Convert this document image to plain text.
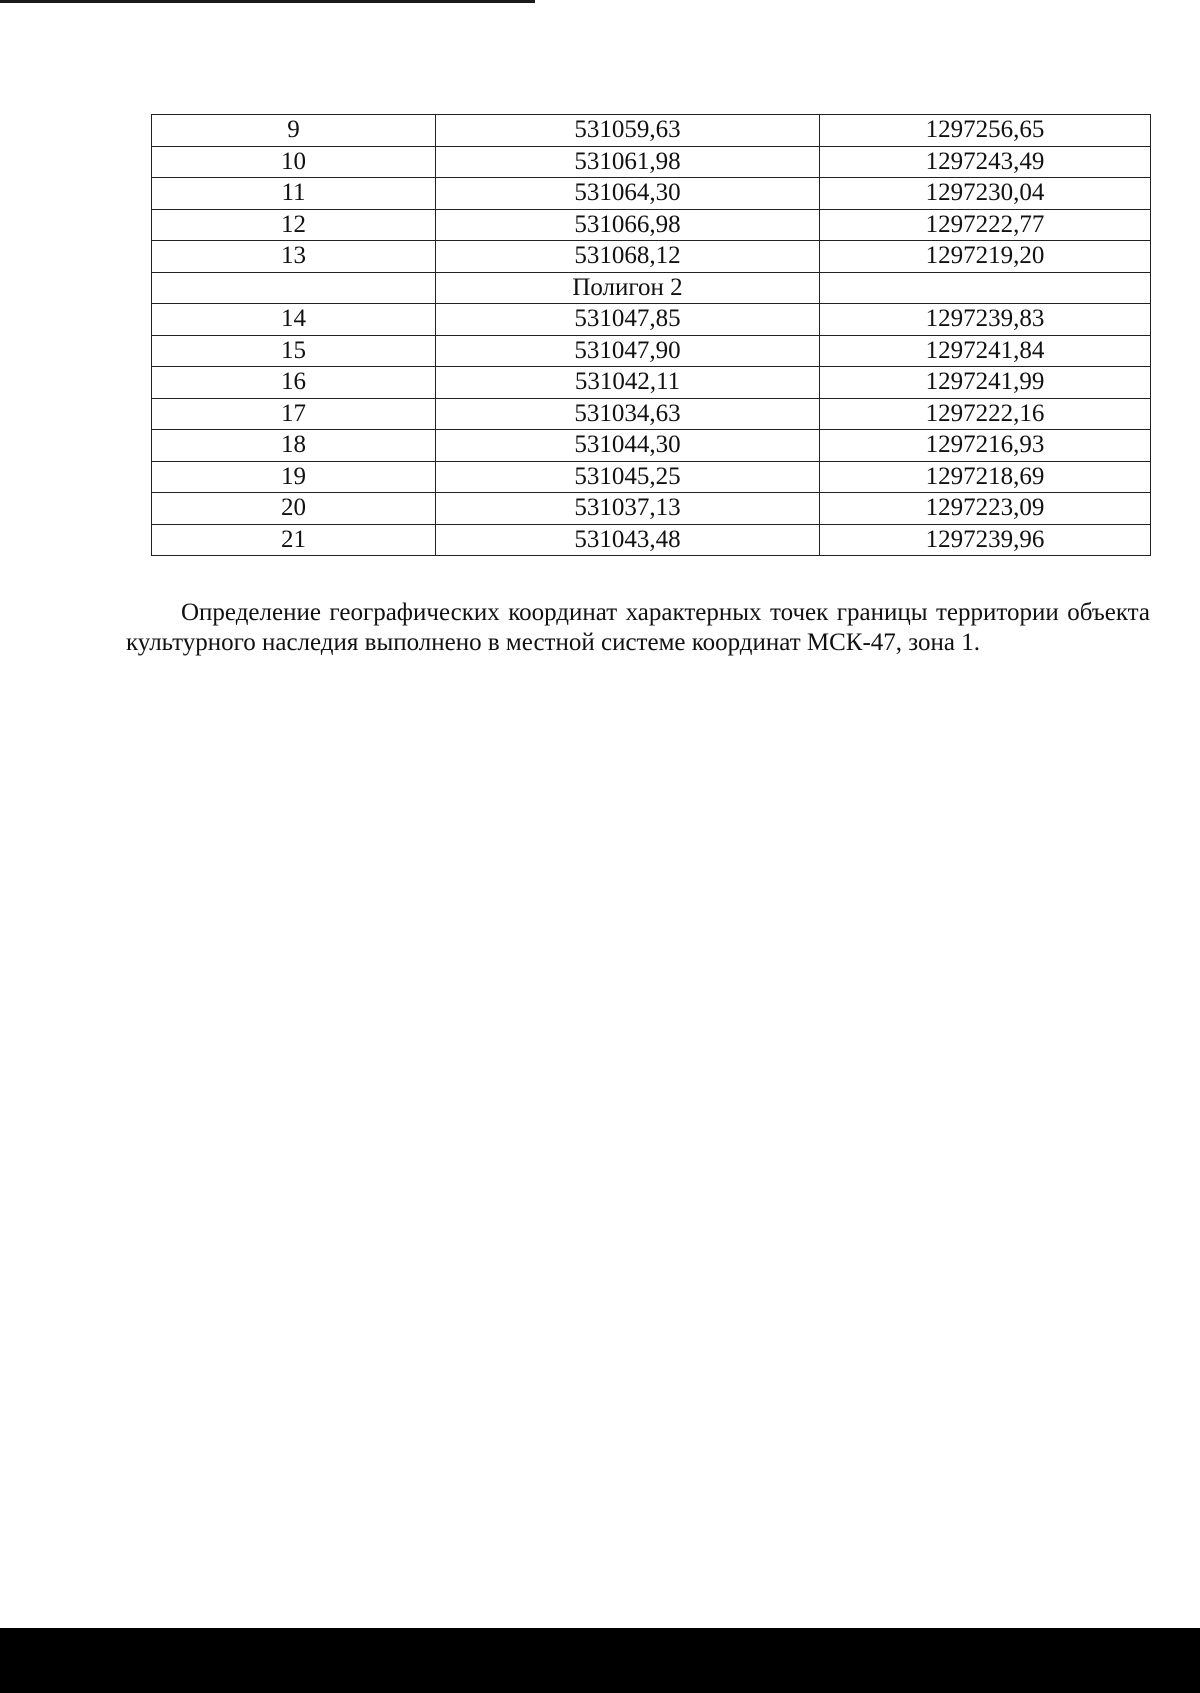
9	531059,63	1297256,65
10	531061,98	1297243,49
11	531064,30	1297230,04
12	531066,98	1297222,77
13	531068,12	1297219,20
	Полигон 2	
14	531047,85	1297239,83
15	531047,90	1297241,84
16	531042,11	1297241,99
17	531034,63	1297222,16
18	531044,30	1297216,93
19	531045,25	1297218,69
20	531037,13	1297223,09
21	531043,48	1297239,96

Определение географических координат характерных точек границы территории объекта культурного наследия выполнено в местной системе координат МСК-47, зона 1.
